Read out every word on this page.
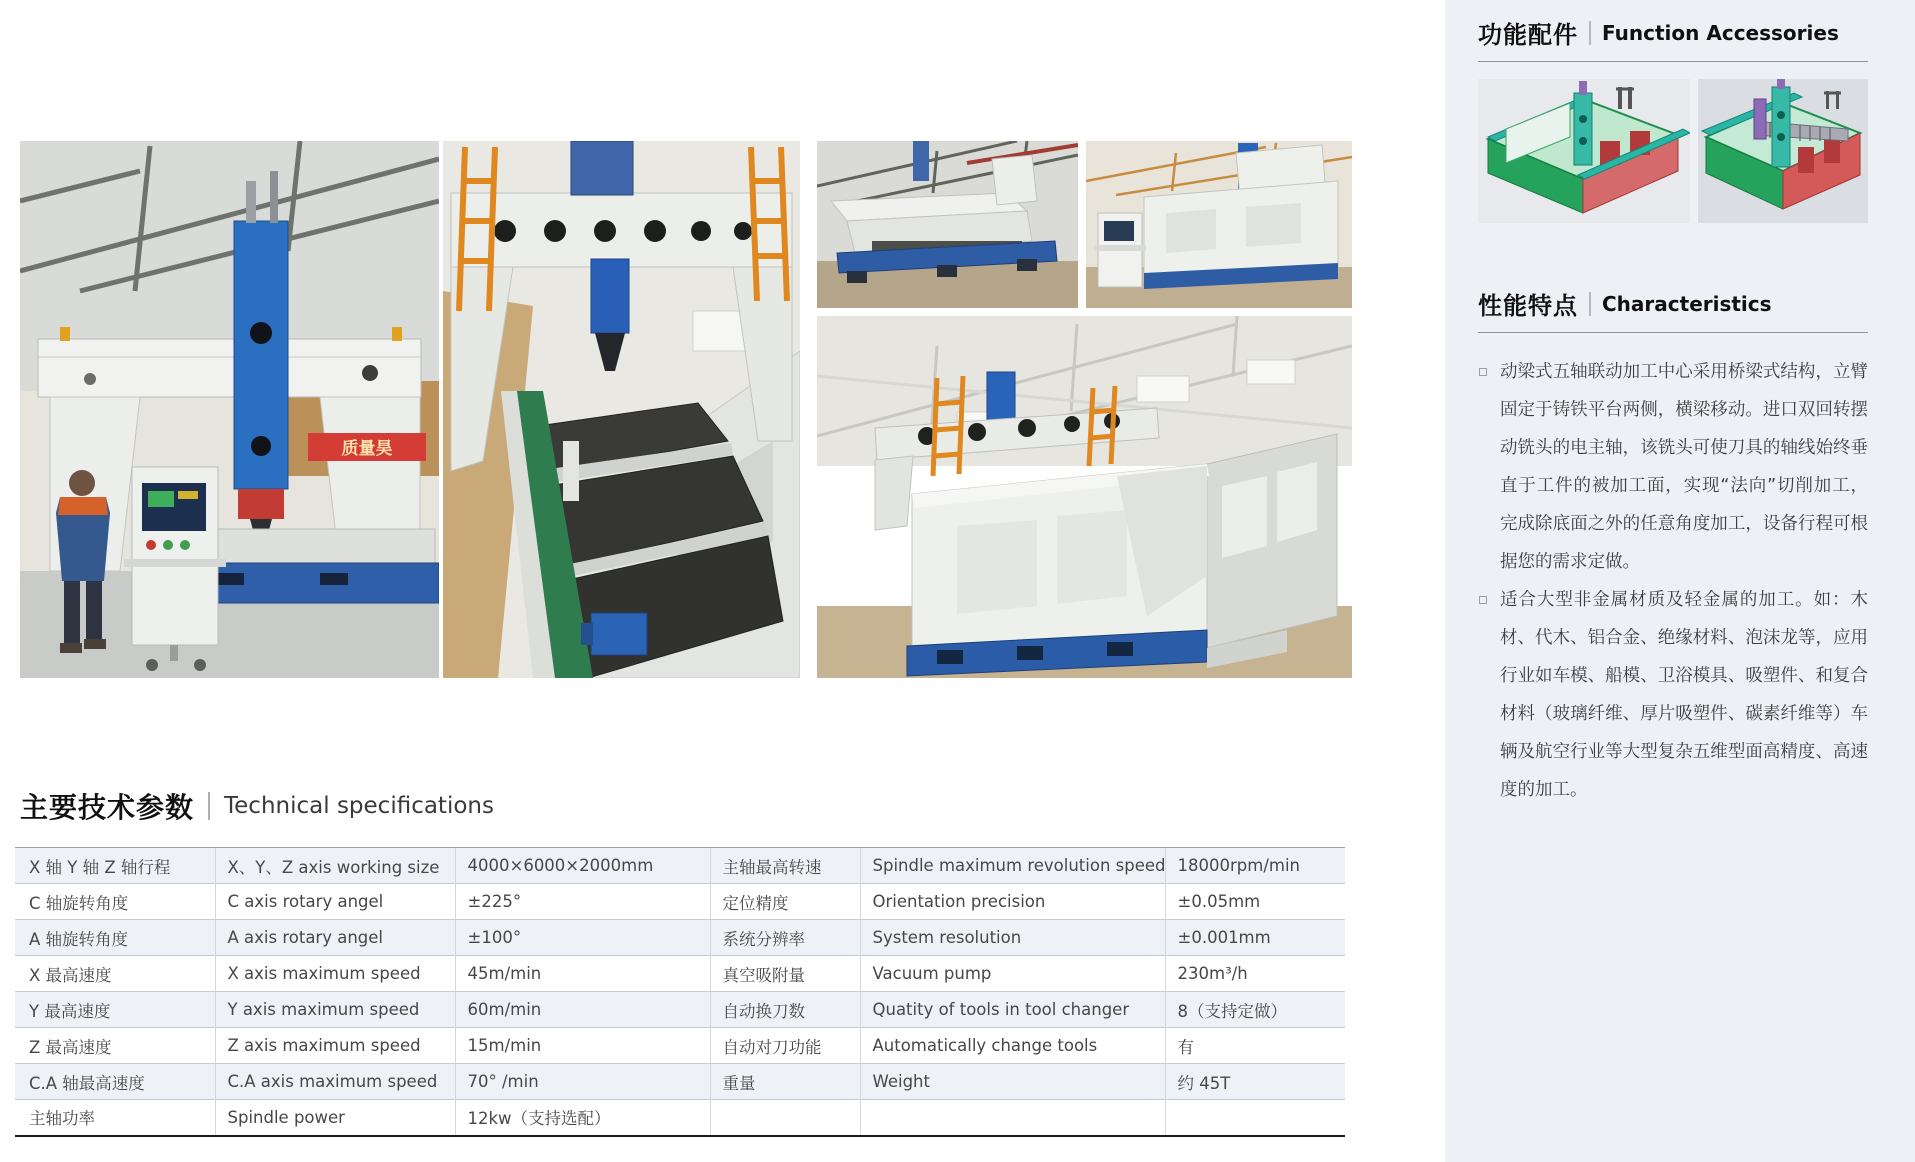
质量昊
主要技术参数 Technical specifications
X 轴 Y 轴 Z 轴行程	X、Y、Z axis working size	4000×6000×2000mm	主轴最高转速	Spindle maximum revolution speed	18000rpm/min
C 轴旋转角度	C axis rotary angel	±225°	定位精度	Orientation precision	±0.05mm
A 轴旋转角度	A axis rotary angel	±100°	系统分辨率	System resolution	±0.001mm
X 最高速度	X axis maximum speed	45m/min	真空吸附量	Vacuum pump	230m³/h
Y 最高速度	Y axis maximum speed	60m/min	自动换刀数	Quatity of tools in tool changer	8（支持定做）
Z 最高速度	Z axis maximum speed	15m/min	自动对刀功能	Automatically change tools	有
C.A 轴最高速度	C.A axis maximum speed	70° /min	重量	Weight	约 45T
主轴功率	Spindle power	12kw（支持选配）			
功能配件 Function Accessories
性能特点 Characteristics

动梁式五轴联动加工中心采用桥梁式结构，立臂固定于铸铁平台两侧，横梁移动。进口双回转摆动铣头的电主轴，该铣头可使刀具的轴线始终垂直于工件的被加工面，实现“法向”切削加工，完成除底面之外的任意角度加工，设备行程可根据您的需求定做。

适合大型非金属材质及轻金属的加工。如：木材、代木、铝合金、绝缘材料、泡沫龙等，应用行业如车模、船模、卫浴模具、吸塑件、和复合材料（玻璃纤维、厚片吸塑件、碳素纤维等）车辆及航空行业等大型复杂五维型面高精度、高速度的加工。
